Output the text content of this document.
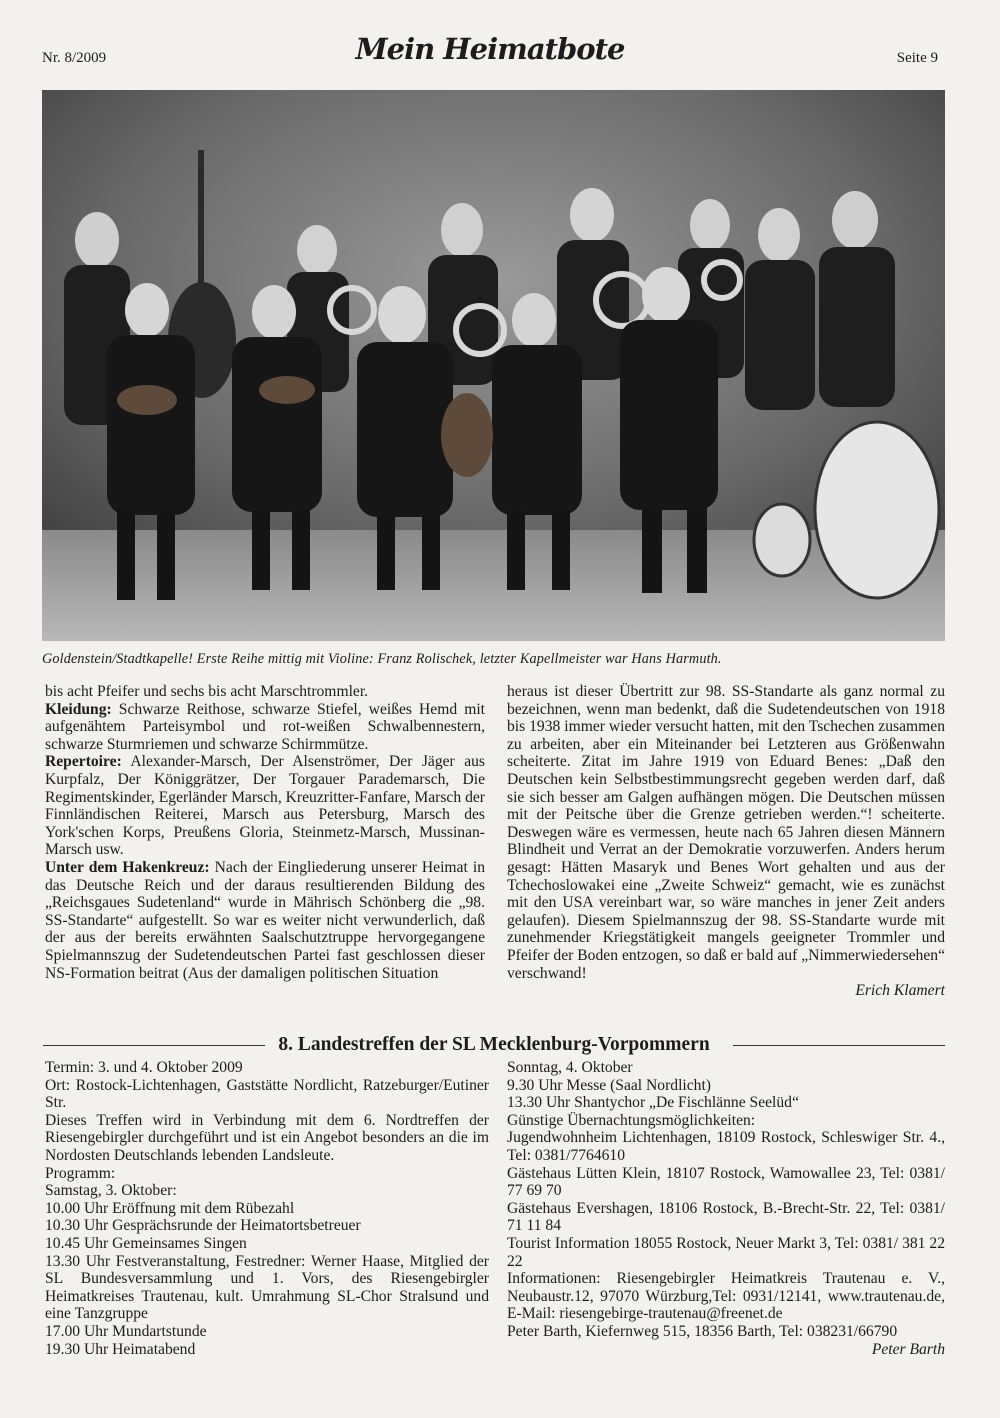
Nr. 8/2009	Mein Heimatbote	Seite 9
Goldenstein/Stadtkapelle! Erste Reihe mittig mit Violine: Franz Rolischek, letzter Kapellmeister war Hans Harmuth.

bis acht Pfeifer und sechs bis acht Marschtrommler.

Kleidung: Schwarze Reithose, schwarze Stiefel, weißes Hemd mit aufgenähtem Parteisymbol und rot-weißen Schwalbennestern, schwarze Sturmriemen und schwarze Schirmmütze.

Repertoire: Alexander-Marsch, Der Alsenströmer, Der Jäger aus Kurpfalz, Der Königgrätzer, Der Torgauer Parademarsch, Die Regimentskinder, Egerländer Marsch, Kreuzritter-Fanfare, Marsch der Finnländischen Reiterei, Marsch aus Petersburg, Marsch des York'schen Korps, Preußens Gloria, Steinmetz-Marsch, Mussinan-Marsch usw.

Unter dem Hakenkreuz: Nach der Eingliederung unserer Heimat in das Deutsche Reich und der daraus resultierenden Bildung des „Reichsgaues Sudetenland“ wurde in Mährisch Schönberg die „98. SS-Standarte“ aufgestellt. So war es weiter nicht verwunderlich, daß der aus der bereits erwähnten Saalschutztruppe hervorgegangene Spielmannszug der Sudetendeutschen Partei fast geschlossen dieser NS-Formation beitrat (Aus der damaligen politischen Situation

heraus ist dieser Übertritt zur 98. SS-Standarte als ganz normal zu bezeichnen, wenn man bedenkt, daß die Sudetendeutschen von 1918 bis 1938 immer wieder versucht hatten, mit den Tschechen zusammen zu arbeiten, aber ein Miteinander bei Letzteren aus Größenwahn scheiterte. Zitat im Jahre 1919 von Eduard Benes: „Daß den Deutschen kein Selbstbestimmungsrecht gegeben werden darf, daß sie sich besser am Galgen aufhängen mögen. Die Deutschen müssen mit der Peitsche über die Grenze getrieben werden.“! scheiterte. Deswegen wäre es vermessen, heute nach 65 Jahren diesen Männern Blindheit und Verrat an der Demokratie vorzuwerfen. Anders herum gesagt: Hätten Masaryk und Benes Wort gehalten und aus der Tchechoslowakei eine „Zweite Schweiz“ gemacht, wie es zunächst mit den USA vereinbart war, so wäre manches in jener Zeit anders gelaufen). Diesem Spielmannszug der 98. SS-Standarte wurde mit zunehmender Kriegstätigkeit mangels geeigneter Trommler und Pfeifer der Boden entzogen, so daß er bald auf „Nimmerwiedersehen“ verschwand!

Erich Klamert

8. Landestreffen der SL Mecklenburg-Vorpommern

Termin: 3. und 4. Oktober 2009

Ort: Rostock-Lichtenhagen, Gaststätte Nordlicht, Ratzeburger/Eutiner Str.

Dieses Treffen wird in Verbindung mit dem 6. Nordtreffen der Riesengebirgler durchgeführt und ist ein Angebot besonders an die im Nordosten Deutschlands lebenden Landsleute.

Programm:

Samstag, 3. Oktober:

10.00 Uhr Eröffnung mit dem Rübezahl

10.30 Uhr Gesprächsrunde der Heimatortsbetreuer

10.45 Uhr Gemeinsames Singen

13.30 Uhr Festveranstaltung, Festredner: Werner Haase, Mitglied der SL Bundesversammlung und 1. Vors, des Riesengebirgler Heimatkreises Trautenau, kult. Umrahmung SL-Chor Stralsund und eine Tanzgruppe

17.00 Uhr Mundartstunde

19.30 Uhr Heimatabend

Sonntag, 4. Oktober

9.30 Uhr Messe (Saal Nordlicht)

13.30 Uhr Shantychor „De Fischlänne Seelüd“

Günstige Übernachtungsmöglichkeiten:

Jugendwohnheim Lichtenhagen, 18109 Rostock, Schleswiger Str. 4., Tel: 0381/7764610

Gästehaus Lütten Klein, 18107 Rostock, Wamowallee 23, Tel: 0381/ 77 69 70

Gästehaus Evershagen, 18106 Rostock, B.-Brecht-Str. 22, Tel: 0381/ 71 11 84

Tourist Information 18055 Rostock, Neuer Markt 3, Tel: 0381/ 381 22 22

Informationen: Riesengebirgler Heimatkreis Trautenau e. V., Neubaustr.12, 97070 Würzburg,Tel: 0931/12141, www.trautenau.de, E-Mail: riesengebirge-trautenau@freenet.de

Peter Barth, Kiefernweg 515, 18356 Barth, Tel: 038231/66790

Peter Barth
